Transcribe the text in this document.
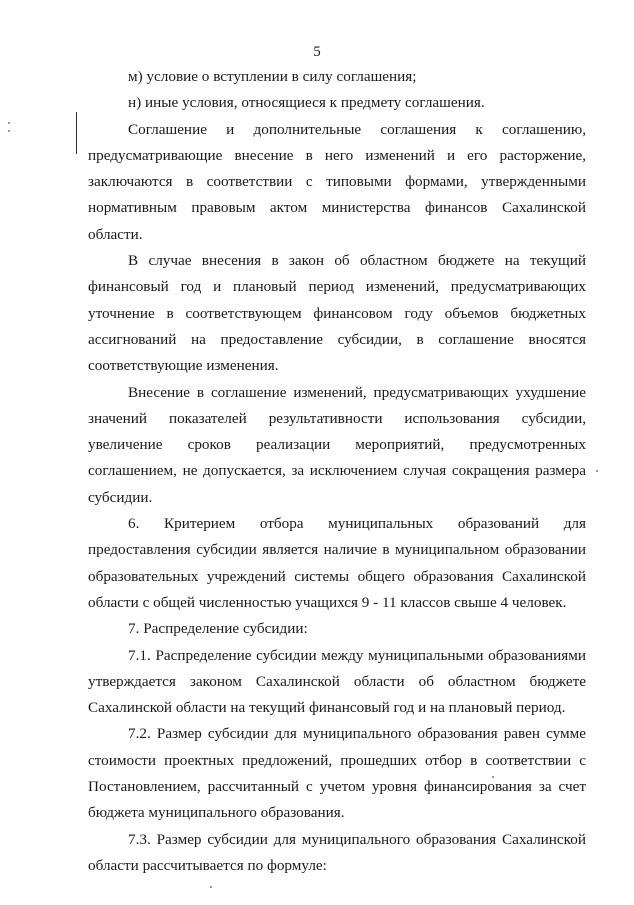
5

м) условие о вступлении в силу соглашения;

н) иные условия, относящиеся к предмету соглашения.

Соглашение и дополнительные соглашения к соглашению, предусматривающие внесение в него изменений и его расторжение, заключаются в соответствии с типовыми формами, утвержденными нормативным правовым актом министерства финансов Сахалинской области.

В случае внесения в закон об областном бюджете на текущий финансовый год и плановый период изменений, предусматривающих уточнение в соответствующем финансовом году объемов бюджетных ассигнований на предоставление субсидии, в соглашение вносятся соответствующие изменения.

Внесение в соглашение изменений, предусматривающих ухудшение значений показателей результативности использования субсидии, увеличение сроков реализации мероприятий, предусмотренных соглашением, не допускается, за исключением случая сокращения размера субсидии.

6. Критерием отбора муниципальных образований для предоставления субсидии является наличие в муниципальном образовании образовательных учреждений системы общего образования Сахалинской области с общей численностью учащихся 9 - 11 классов свыше 4 человек.

7. Распределение субсидии:

7.1. Распределение субсидии между муниципальными образованиями утверждается законом Сахалинской области об областном бюджете Сахалинской области на текущий финансовый год и на плановый период.

7.2. Размер субсидии для муниципального образования равен сумме стоимости проектных предложений, прошедших отбор в соответствии с Постановлением, рассчитанный с учетом уровня финансирования за счет бюджета муниципального образования.

7.3. Размер субсидии для муниципального образования Сахалинской области рассчитывается по формуле:
